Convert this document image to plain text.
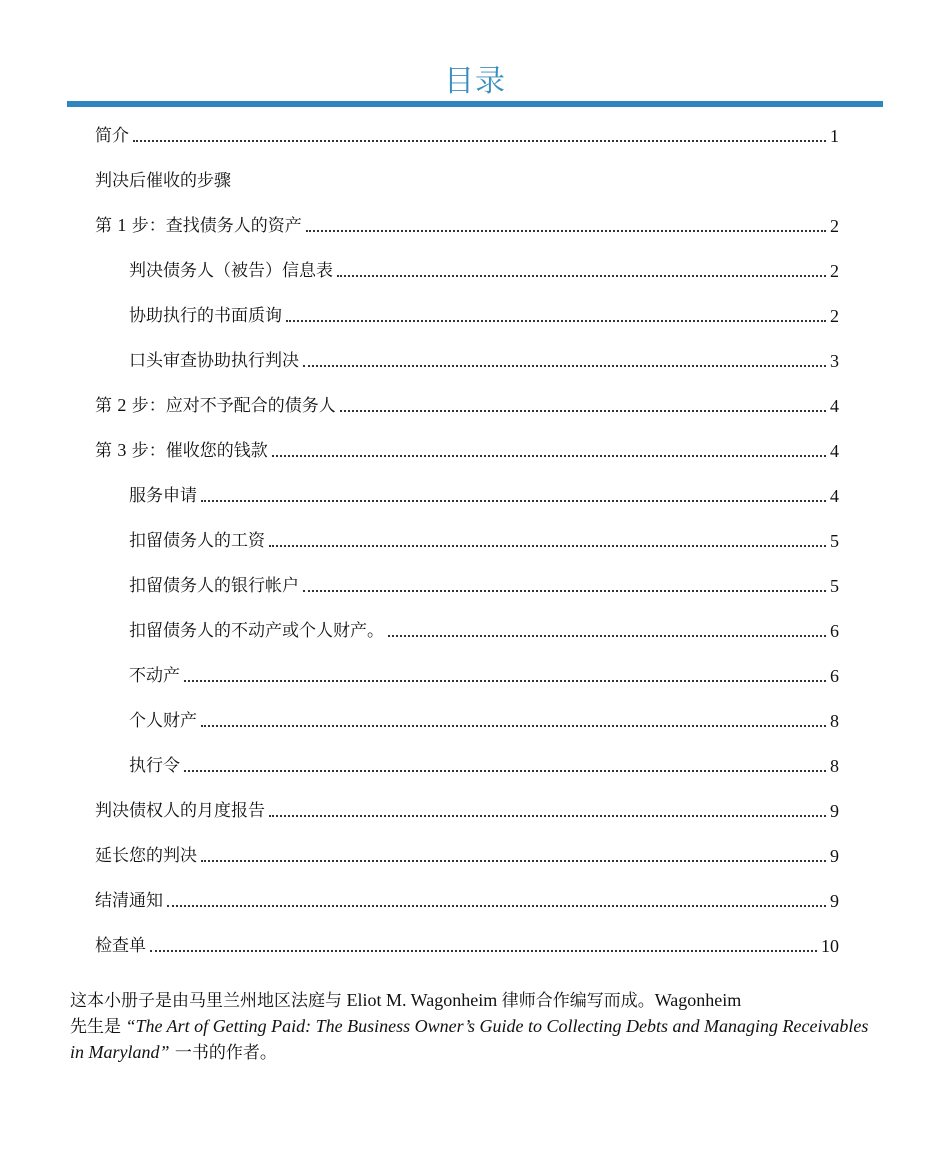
目录
简介	1
判决后催收的步骤
第 1 步：查找债务人的资产	2
判决债务人（被告）信息表	2
协助执行的书面质询	2
口头审查协助执行判决	3
第 2 步：应对不予配合的债务人	4
第 3 步：催收您的钱款	4
服务申请	4
扣留债务人的工资	5
扣留债务人的银行帐户	5
扣留债务人的不动产或个人财产。	6
不动产	6
个人财产	8
执行令	8
判决债权人的月度报告	9
延长您的判决	9
结清通知	9
检查单	10
这本小册子是由马里兰州地区法庭与 Eliot M. Wagonheim 律师合作编写而成。Wagonheim
先生是 “The Art of Getting Paid: The Business Owner’s Guide to Collecting Debts and Managing Receivables in Maryland” 一书的作者。
